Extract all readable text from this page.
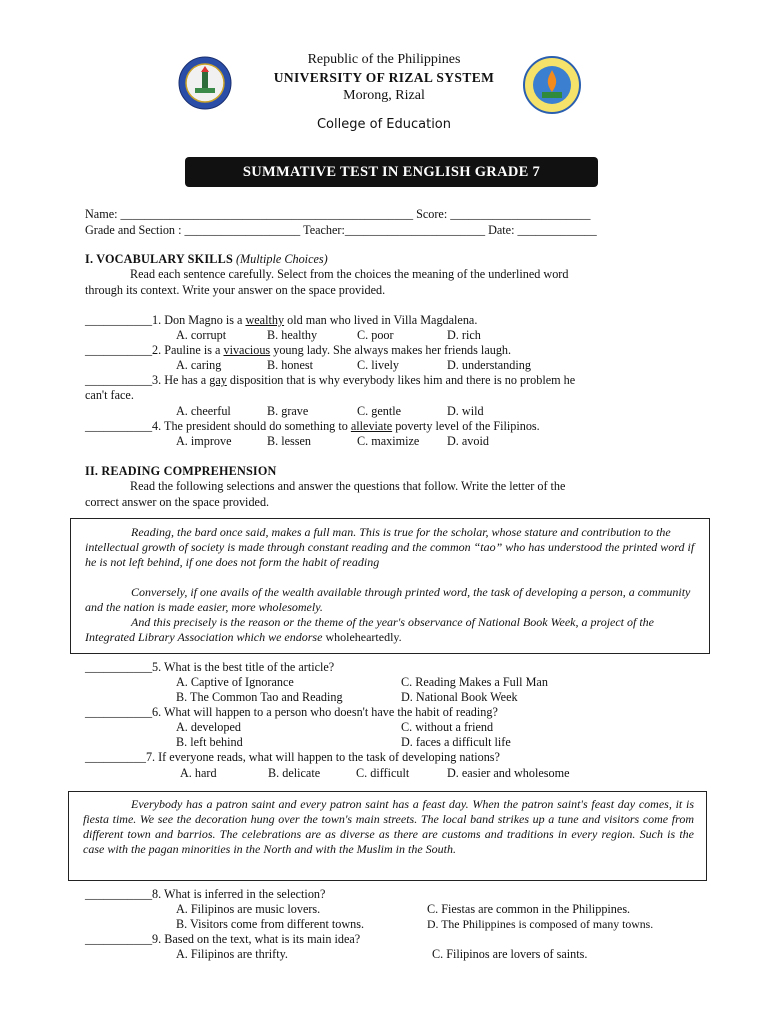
Republic of the Philippines
UNIVERSITY OF RIZAL SYSTEM
Morong, Rizal
College of Education
SUMMATIVE TEST IN ENGLISH GRADE 7
Name: ________________________________________________ Score: _______________________
Grade and Section : ___________________ Teacher:_______________________ Date: _____________
I. VOCABULARY SKILLS (Multiple Choices)
Read each sentence carefully. Select from the choices the meaning of the underlined word
through its context. Write your answer on the space provided.
___________1. Don Magno is a wealthy old man who lived in Villa Magdalena.
A. corrupt	B. healthy	C. poor	D. rich
___________2. Pauline is a vivacious young lady. She always makes her friends laugh.
A. caring	B. honest	C. lively	D. understanding
___________3. He has a gay disposition that is why everybody likes him and there is no problem he
can't face.
A. cheerful	B. grave	C. gentle	D. wild
___________4. The president should do something to alleviate poverty level of the Filipinos.
A. improve	B. lessen	C. maximize D. avoid
II. READING COMPREHENSION
Read the following selections and answer the questions that follow. Write the letter of the
correct answer on the space provided.
Reading, the bard once said, makes a full man. This is true for the scholar, whose stature and contribution to the intellectual growth of society is made through constant reading and the common “tao” who has understood the printed word if he is not left behind, if one does not form the habit of reading
Conversely, if one avails of the wealth available through printed word, the task of developing a person, a community and the nation is made easier, more wholesomely.
And this precisely is the reason or the theme of the year's observance of National Book Week, a project of the Integrated Library Association which we endorse wholeheartedly.
___________5. What is the best title of the article?
A. Captive of Ignorance	C. Reading Makes a Full Man
B. The Common Tao and Reading	D. National Book Week
___________6. What will happen to a person who doesn't have the habit of reading?
A. developed	C. without a friend
B. left behind	D. faces a difficult life
__________7. If everyone reads, what will happen to the task of developing nations?
A. hard	B. delicate	C. difficult	D. easier and wholesome
Everybody has a patron saint and every patron saint has a feast day. When the patron saint's feast day comes, it is fiesta time. We see the decoration hung over the town's main streets. The local band strikes up a tune and visitors come from different town and barrios. The celebrations are as diverse as there are customs and traditions in every region. Such is the case with the pagan minorities in the North and with the Muslim in the South.
___________8. What is inferred in the selection?
A. Filipinos are music lovers.	C. Fiestas are common in the Philippines.
B. Visitors come from different towns.	D. The Philippines is composed of many towns.
___________9. Based on the text, what is its main idea?
A. Filipinos are thrifty.	C. Filipinos are lovers of saints.
